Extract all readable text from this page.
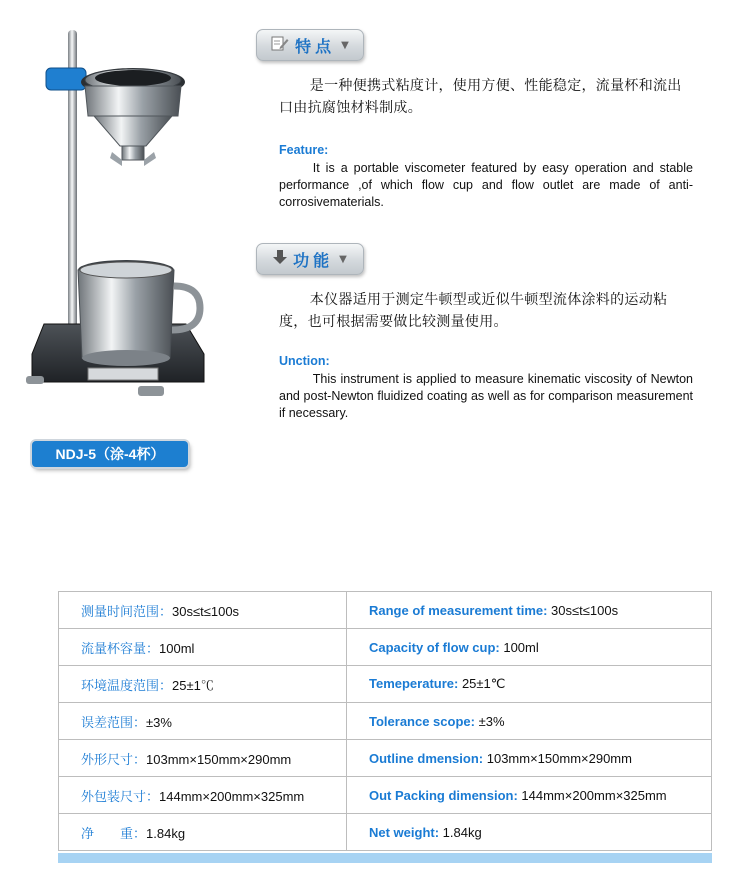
NDJ-5（涂-4杯）
特点 ▼
是一种便携式粘度计，使用方便、性能稳定，流量杯和流出口由抗腐蚀材料制成。
Feature:
It is a portable viscometer featured by easy operation and stable performance ,of which flow cup and flow outlet are made of anti-corrosivematerials.
功能 ▼
本仪器适用于测定牛顿型或近似牛顿型流体涂料的运动粘度，也可根据需要做比较测量使用。
Unction:
This instrument is applied to measure kinematic viscosity of Newton and post-Newton fluidized coating as well as for comparison measurement if necessary.
测量时间范围：30s≤t≤100s	Range of measurement time: 30s≤t≤100s
流量杯容量：100ml	Capacity of flow cup: 100ml
环境温度范围：25±1℃	Temeperature: 25±1℃
误差范围：±3%	Tolerance scope: ±3%
外形尺寸：103mm×150mm×290mm	Outline dmension: 103mm×150mm×290mm
外包装尺寸：144mm×200mm×325mm	Out Packing dimension: 144mm×200mm×325mm
净　　重：1.84kg	Net weight: 1.84kg
